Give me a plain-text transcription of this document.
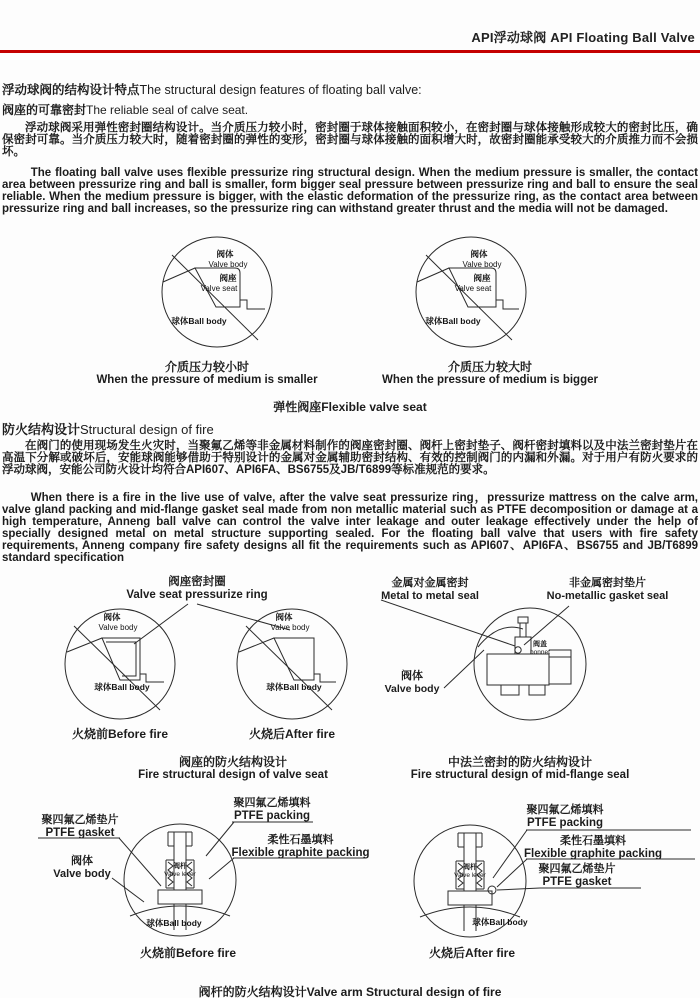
API浮动球阀 API Floating Ball Valve
浮动球阀的结构设计特点The structural design features of floating ball valve:
阀座的可靠密封The reliable seal of calve seat.
浮动球阀采用弹性密封圈结构设计。当介质压力较小时，密封圈于球体接触面积较小，在密封圈与球体接触形成较大的密封比压，确保密封可靠。当介质压力较大时，随着密封圈的弹性的变形，密封圈与球体接触的面积增大时，故密封圈能承受较大的介质推力而不会损坏。
The floating ball valve uses flexible pressurize ring structural design. When the medium pressure is smaller, the contact area between pressurize ring and ball is smaller, form bigger seal pressure between pressurize ring and ball to ensure the seal reliable. When the medium pressure is bigger, with the elastic deformation of the pressurize ring, as the contact area between pressurize ring and ball increases, so the pressurize ring can withstand greater thrust and the media will not be damaged.
阀体
Valve body
阀座
Valve seat
球体Ball body
阀体
Valve body
阀座
Valve seat
球体Ball body
介质压力较小时
When the pressure of medium is smaller
介质压力较大时
When the pressure of medium is bigger
弹性阀座Flexible valve seat
防火结构设计Structural design of fire
在阀门的使用现场发生火灾时，当聚氟乙烯等非金属材料制作的阀座密封圈、阀杆上密封垫子、阀杆密封填料以及中法兰密封垫片在高温下分解或破坏后，安能球阀能够借助于特别设计的金属对金属辅助密封结构、有效的控制阀门的内漏和外漏。对于用户有防火要求的浮动球阀，安能公司防火设计均符合API607、API6FA、BS6755及JB/T6899等标准规范的要求。
When there is a fire in the live use of valve, after the valve seat pressurize ring，pressurize mattress on the calve arm, valve gland packing and mid-flange gasket seal made from non metallic material such as PTFE decomposition or damage at a high temperature, Anneng ball valve can control the valve inter leakage and outer leakage effectively under the help of specially designed metal on metal structure supporting sealed. For the floating ball valve that users with fire safety requirements, Anneng company fire safety designs all fit the requirements such as API607、API6FA、BS6755 and JB/T6899 standard specification
阀座密封圈
Valve seat pressurize ring
阀体
Valve body
球体Ball body
阀体
Valve body
球体Ball body
火烧前Before fire	火烧后After fire
金属对金属密封
Metal to metal seal
非金属密封垫片
No-metallic gasket seal
阀盖
bonnet
阀体
Valve body
阀座的防火结构设计
Fire structural design of valve seat
中法兰密封的防火结构设计
Fire structural design of mid-flange seal
聚四氟乙烯填料
PTFE packing
聚四氟乙烯垫片
PTFE gasket
柔性石墨填料
Flexible graphite packing
阀体
Valve body
聚四氟乙烯填料
PTFE packing
柔性石墨填料
Flexible graphite packing
聚四氟乙烯垫片
PTFE gasket
阀杆
Valve lever
球体Ball body
阀杆
Valve lever
球体Ball body
火烧前Before fire	火烧后After fire
阀杆的防火结构设计Valve arm Structural design of fire
